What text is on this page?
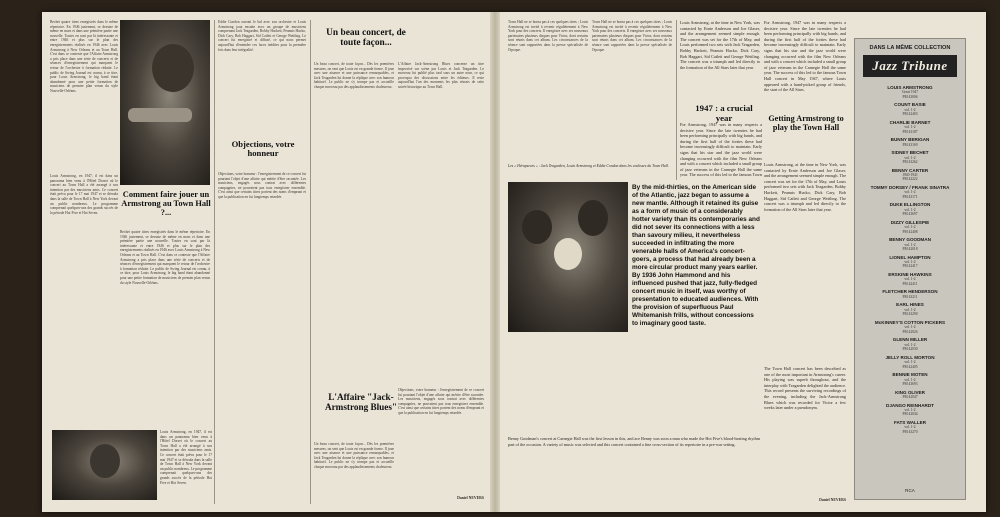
Bechet quatre titres enregistrés dans le même répertoire. En 1946 justement, se dessine de même en mars et dans une prémière partie une nouvelle. Toutes en sont par là intéressante et entre 1946 et plus sur le plan des enregistrements réalisés en 1946 avec Louis Armstrong à New Orleans et au Town Hall. C'est dans ce contexte que l'Affaire Armstrong a pris place dans une série de concerts et de séances d'enregistrement qui marquent le retour de l'orchestre à formation réduite. Le public de Swing Journal est connu, à ce titre, pour Louis Armstrong, le big band étant abandonné pour une petite formation de musiciens de premier plan venus du style Nouvelle-Orléans.
Comment faire jouer un Armstrong au Town Hall ?...
Louis Armstrong, en 1947, il est dans un panorama bien venu à l'Hôtel Dorset où le concert au Town Hall a été arrangé à son intention par des musiciens amis. Ce concert était prévu pour le 17 mai 1947 et se déroula dans la salle de Town Hall à New York devant un public nombreux. Le programme comprenait quelques-uns des grands succès de la période Hot Five et Hot Seven.
Bechet quatre titres enregistrés dans le même répertoire. En 1946 justement, se dessine de même en mars et dans une prémière partie une nouvelle. Toutes en sont par là intéressante et entre 1946 et plus sur le plan des enregistrements réalisés en 1946 avec Louis Armstrong à New Orleans et au Town Hall. C'est dans ce contexte que l'Affaire Armstrong a pris place dans une série de concerts et de séances d'enregistrement qui marquent le retour de l'orchestre à formation réduite. Le public de Swing Journal est connu, à ce titre, pour Louis Armstrong, le big band étant abandonné pour une petite formation de musiciens de premier plan venus du style Nouvelle-Orléans.
Louis Armstrong, en 1947, il est dans un panorama bien venu à l'Hôtel Dorset où le concert au Town Hall a été arrangé à son intention par des musiciens amis. Ce concert était prévu pour le 17 mai 1947 et se déroula dans la salle de Town Hall à New York devant un public nombreux. Le programme comprenait quelques-uns des grands succès de la période Hot Five et Hot Seven.
Eddie Condon ouvrait le bal avec son orchestre et Louis Armstrong joua ensuite avec un groupe de musiciens comprenant Jack Teagarden, Bobby Hackett, Peanuts Hucko, Dick Cary, Bob Haggart, Sid Catlett et George Wettling. Le concert fut enregistré et diffusé, ce qui nous permet aujourd'hui d'entendre ces faces inédites pour la première fois dans leur intégralité.
Objections, votre honneur
Objections, votre honneur : l'enregistrement de ce concert fut pourtant l'objet d'une affaire qui mérite d'être racontée. Les musiciens, engagés sous contrat avec différentes compagnies, ne pouvaient pas tous enregistrer ensemble. C'est ainsi que certains titres portent des noms d'emprunt et que la publication en fut longtemps retardée.
Un beau concert, de toute façon...
Un beau concert, de toute façon... Dès les premières mesures, on sent que Louis est en grande forme. Il joue avec une aisance et une puissance remarquables, et Jack Teagarden lui donne la réplique avec son humour habituel. Le public ne s'y trompe pas et accueille chaque morceau par des applaudissements chaleureux.
L'Affaire Jack-Armstrong Blues concerne un titre improvisé sur scène par Louis et Jack Teagarden. Le morceau fut publié plus tard sous un autre nom, ce qui provoqua des discussions entre les éditeurs. Il reste aujourd'hui l'un des moments les plus réussis de cette soirée historique au Town Hall.
L'Affaire "Jack-Armstrong Blues"
Objections, votre honneur : l'enregistrement de ce concert fut pourtant l'objet d'une affaire qui mérite d'être racontée. Les musiciens, engagés sous contrat avec différentes compagnies, ne pouvaient pas tous enregistrer ensemble. C'est ainsi que certains titres portent des noms d'emprunt et que la publication en fut longtemps retardée.
Un beau concert, de toute façon... Dès les premières mesures, on sent que Louis est en grande forme. Il joue avec une aisance et une puissance remarquables, et Jack Teagarden lui donne la réplique avec son humour habituel. Le public ne s'y trompe pas et accueille chaque morceau par des applaudissements chaleureux.
Daniel NEVERS
Town Hall ne se borna pas à ces quelques titres ; Louis Armstrong est invité à revenir régulièrement à New York pour des concerts. Il enregistre avec ses nouveaux partenaires plusieurs disques pour Victor, dont certains sont réunis dans cet album. Les circonstances de la séance sont rapportées dans la presse spécialisée de l'époque.
Town Hall ne se borna pas à ces quelques titres ; Louis Armstrong est invité à revenir régulièrement à New York pour des concerts. Il enregistre avec ses nouveaux partenaires plusieurs disques pour Victor, dont certains sont réunis dans cet album. Les circonstances de la séance sont rapportées dans la presse spécialisée de l'époque.
Les « Hérapseurs » : Jack Teagarden, Louis Armstrong et Eddie Condon dans les coulisses du Town Hall.
By the mid-thirties, on the American side of the Atlantic, jazz began to assume a new mantle. Although it retained its guise as a form of music of a considerably hotter variety than its contemporaries and did not sever its connections with a less than savoury milieu, it nevertheless succeeded in infiltrating the more venerable halls of America's concert-goers, a process that had already been a more circular product many years earlier. By 1936 John Hammond and his influenced pushed that jazz, fully-fledged concert music in itself, was worthy of presentation to educated audiences. With the provision of superfluous Paul Whitemanish frills, without concessions to imaginary good taste.
Benny Goodman's concert at Carnegie Hall was the first lesson in this, and ace Benny was soon a man who made the Hot Five's blood-beating rhythm part of the occasion. A variety of music was selected and this concert contained a fine cross-section of its repertoire in a pre-war setting.
Louis Armstrong, at the time in New York, was contacted by Ernie Anderson and Joe Glaser, and the arrangement seemed simple enough. The concert was set for the 17th of May, and Louis performed two sets with Jack Teagarden, Bobby Hackett, Peanuts Hucko, Dick Cary, Bob Haggart, Sid Catlett and George Wettling. The concert was a triumph and led directly to the formation of the All Stars later that year.
1947 : a crucial year
For Armstrong, 1947 was in many respects a decisive year. Since the late twenties he had been performing principally with big bands, and during the first half of the forties these had become increasingly difficult to maintain. Early signs that his star and the jazz world were changing occurred with the film New Orleans and with a concert which included a small group of jazz veterans in the Carnegie Hall the same year. The success of this led to the famous Town Hall concert in May 1947, where Louis appeared with a hand-picked group of friends, the start of the All Stars.
For Armstrong, 1947 was in many respects a decisive year. Since the late twenties he had been performing principally with big bands, and during the first half of the forties these had become increasingly difficult to maintain. Early signs that his star and the jazz world were changing occurred with the film New Orleans and with a concert which included a small group of jazz veterans in the Carnegie Hall the same year. The success of this led to the famous Town
Getting Armstrong to play the Town Hall
Louis Armstrong, at the time in New York, was contacted by Ernie Anderson and Joe Glaser, and the arrangement seemed simple enough. The concert was set for the 17th of May, and Louis performed two sets with Jack Teagarden, Bobby Hackett, Peanuts Hucko, Dick Cary, Bob Haggart, Sid Catlett and George Wettling. The concert was a triumph and led directly to the formation of the All Stars later that year.
The Town Hall concert has been described as one of the most important in Armstrong's career. His playing was superb throughout, and the interplay with Teagarden delighted the audience. This record presents the surviving recordings of the evening, including the Jack-Armstrong Blues which was recorded for Victor a few weeks later under a pseudonym.
Daniel NEVERS
DANS LA MÊME COLLECTION
Jazz Tribune
LOUIS ARMSTRONG
Great 1947
PM 43006
COUNT BASIE
vol. 1-2
PM 42403
CHARLIE BARNET
vol. 1-2
PM 43187
BUNNY BERIGAN
PM 43169
SIDNEY BECHET
vol. 1-2
PM 43262
BENNY CARTER
1940-1941
PM 42222
TOMMY DORSEY / FRANK SINATRA
vol. 1-2
PM 43171
DUKE ELLINGTON
vol. 1-2
PM 43697
DIZZY GILLESPIE
vol. 1-2
PM 42408
BENNY GOODMAN
vol. 1-2
PM 42018
LIONEL HAMPTON
vol. 1-2
PM 42417
ERSKINE HAWKINS
vol. 1-2
PM 42411
FLETCHER HENDERSON
PM 43211
EARL HINES
vol. 1-2
PM 43290
McKINNEY'S COTTON PICKERS
vol. 1-2
PM 42026
GLENN MILLER
vol. 1-2
PM 42030
JELLY ROLL MORTON
vol. 1-2
PM 42405
BENNIE MOTEN
vol. 1-2
PM 43693
KING OLIVER
PM 42047
DJANGO REINHARDT
vol. 1-2
PM 42044
FATS WALLER
vol. 1-2
PM 43270
RCA
